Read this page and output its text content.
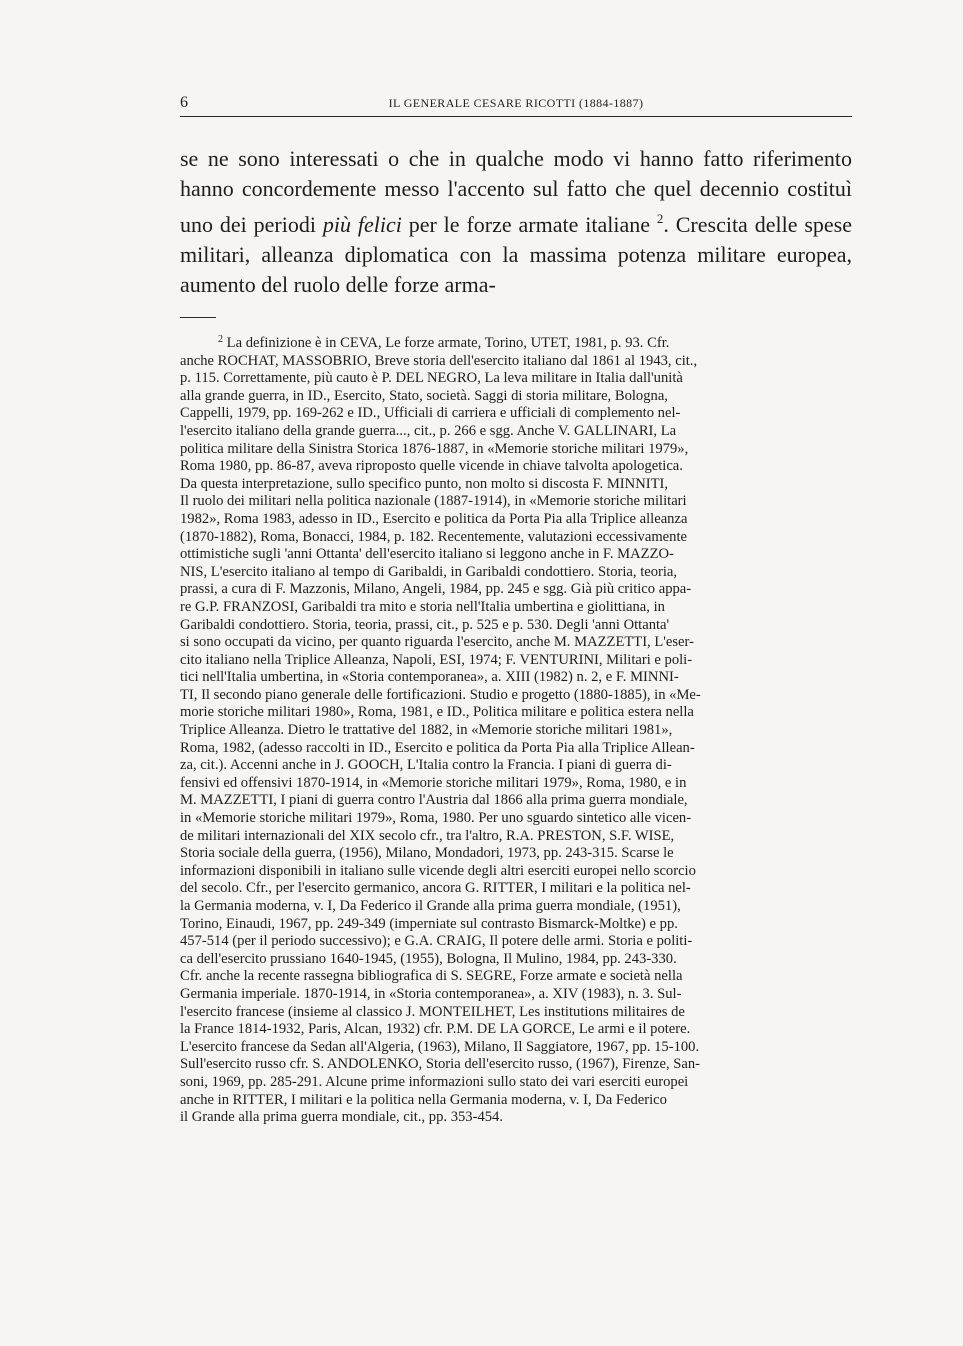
6	IL GENERALE CESARE RICOTTI (1884-1887)

se ne sono interessati o che in qualche modo vi hanno fatto riferimento hanno concordemente messo l'accento sul fatto che quel decennio costituì uno dei periodi più felici per le forze armate italiane $^2$. Crescita delle spese militari, alleanza diplomatica con la massima potenza militare europea, aumento del ruolo delle forze arma-

$^2$ La definizione è in CEVA, Le forze armate, Torino, UTET, 1981, p. 93. Cfr.
anche ROCHAT, MASSOBRIO, Breve storia dell'esercito italiano dal 1861 al 1943, cit.,
p. 115. Correttamente, più cauto è P. DEL NEGRO, La leva militare in Italia dall'unità
alla grande guerra, in ID., Esercito, Stato, società. Saggi di storia militare, Bologna,
Cappelli, 1979, pp. 169-262 e ID., Ufficiali di carriera e ufficiali di complemento nel-
l'esercito italiano della grande guerra..., cit., p. 266 e sgg. Anche V. GALLINARI, La
politica militare della Sinistra Storica 1876-1887, in «Memorie storiche militari 1979»,
Roma 1980, pp. 86-87, aveva riproposto quelle vicende in chiave talvolta apologetica.
Da questa interpretazione, sullo specifico punto, non molto si discosta F. MINNITI,
Il ruolo dei militari nella politica nazionale (1887-1914), in «Memorie storiche militari
1982», Roma 1983, adesso in ID., Esercito e politica da Porta Pia alla Triplice alleanza
(1870-1882), Roma, Bonacci, 1984, p. 182. Recentemente, valutazioni eccessivamente
ottimistiche sugli 'anni Ottanta' dell'esercito italiano si leggono anche in F. MAZZO-
NIS, L'esercito italiano al tempo di Garibaldi, in Garibaldi condottiero. Storia, teoria,
prassi, a cura di F. Mazzonis, Milano, Angeli, 1984, pp. 245 e sgg. Già più critico appa-
re G.P. FRANZOSI, Garibaldi tra mito e storia nell'Italia umbertina e giolittiana, in
Garibaldi condottiero. Storia, teoria, prassi, cit., p. 525 e p. 530. Degli 'anni Ottanta'
si sono occupati da vicino, per quanto riguarda l'esercito, anche M. MAZZETTI, L'eser-
cito italiano nella Triplice Alleanza, Napoli, ESI, 1974; F. VENTURINI, Militari e poli-
tici nell'Italia umbertina, in «Storia contemporanea», a. XIII (1982) n. 2, e F. MINNI-
TI, Il secondo piano generale delle fortificazioni. Studio e progetto (1880-1885), in «Me-
morie storiche militari 1980», Roma, 1981, e ID., Politica militare e politica estera nella
Triplice Alleanza. Dietro le trattative del 1882, in «Memorie storiche militari 1981»,
Roma, 1982, (adesso raccolti in ID., Esercito e politica da Porta Pia alla Triplice Allean-
za, cit.). Accenni anche in J. GOOCH, L'Italia contro la Francia. I piani di guerra di-
fensivi ed offensivi 1870-1914, in «Memorie storiche militari 1979», Roma, 1980, e in
M. MAZZETTI, I piani di guerra contro l'Austria dal 1866 alla prima guerra mondiale,
in «Memorie storiche militari 1979», Roma, 1980. Per uno sguardo sintetico alle vicen-
de militari internazionali del XIX secolo cfr., tra l'altro, R.A. PRESTON, S.F. WISE,
Storia sociale della guerra, (1956), Milano, Mondadori, 1973, pp. 243-315. Scarse le
informazioni disponibili in italiano sulle vicende degli altri eserciti europei nello scorcio
del secolo. Cfr., per l'esercito germanico, ancora G. RITTER, I militari e la politica nel-
la Germania moderna, v. I, Da Federico il Grande alla prima guerra mondiale, (1951),
Torino, Einaudi, 1967, pp. 249-349 (imperniate sul contrasto Bismarck-Moltke) e pp.
457-514 (per il periodo successivo); e G.A. CRAIG, Il potere delle armi. Storia e politi-
ca dell'esercito prussiano 1640-1945, (1955), Bologna, Il Mulino, 1984, pp. 243-330.
Cfr. anche la recente rassegna bibliografica di S. SEGRE, Forze armate e società nella
Germania imperiale. 1870-1914, in «Storia contemporanea», a. XIV (1983), n. 3. Sul-
l'esercito francese (insieme al classico J. MONTEILHET, Les institutions militaires de
la France 1814-1932, Paris, Alcan, 1932) cfr. P.M. DE LA GORCE, Le armi e il potere.
L'esercito francese da Sedan all'Algeria, (1963), Milano, Il Saggiatore, 1967, pp. 15-100.
Sull'esercito russo cfr. S. ANDOLENKO, Storia dell'esercito russo, (1967), Firenze, San-
soni, 1969, pp. 285-291. Alcune prime informazioni sullo stato dei vari eserciti europei
anche in RITTER, I militari e la politica nella Germania moderna, v. I, Da Federico
il Grande alla prima guerra mondiale, cit., pp. 353-454.
